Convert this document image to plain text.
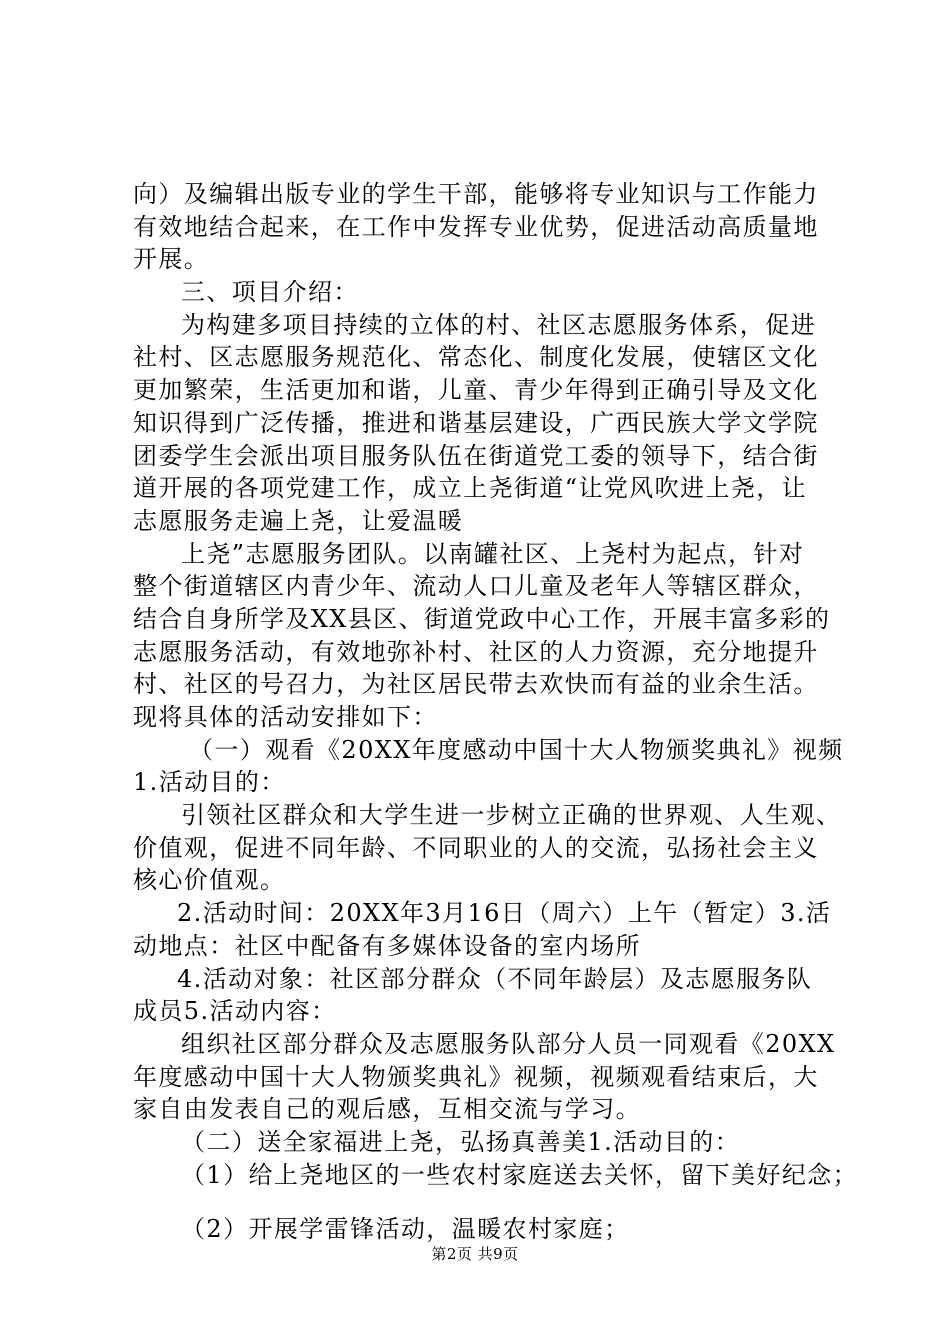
向）及编辑出版专业的学生干部，能够将专业知识与工作能力
有效地结合起来，在工作中发挥专业优势，促进活动高质量地
开展。
三、项目介绍：
为构建多项目持续的立体的村、社区志愿服务体系，促进
社村、区志愿服务规范化、常态化、制度化发展，使辖区文化
更加繁荣，生活更加和谐，儿童、青少年得到正确引导及文化
知识得到广泛传播，推进和谐基层建设，广西民族大学文学院
团委学生会派出项目服务队伍在街道党工委的领导下，结合街
道开展的各项党建工作，成立上尧街道“让党风吹进上尧，让
志愿服务走遍上尧，让爱温暖
上尧”志愿服务团队。以南罐社区、上尧村为起点，针对
整个街道辖区内青少年、流动人口儿童及老年人等辖区群众，
结合自身所学及XX县区、街道党政中心工作，开展丰富多彩的
志愿服务活动，有效地弥补村、社区的人力资源，充分地提升
村、社区的号召力，为社区居民带去欢快而有益的业余生活。
现将具体的活动安排如下：
（一）观看《20XX年度感动中国十大人物颁奖典礼》视频
1.活动目的：
引领社区群众和大学生进一步树立正确的世界观、人生观、
价值观，促进不同年龄、不同职业的人的交流，弘扬社会主义
核心价值观。
2.活动时间：20XX年3月16日（周六）上午（暂定）3.活
动地点：社区中配备有多媒体设备的室内场所
4.活动对象：社区部分群众（不同年龄层）及志愿服务队
成员5.活动内容：
组织社区部分群众及志愿服务队部分人员一同观看《20XX
年度感动中国十大人物颁奖典礼》视频，视频观看结束后，大
家自由发表自己的观后感，互相交流与学习。
（二）送全家福进上尧，弘扬真善美1.活动目的：
（1）给上尧地区的一些农村家庭送去关怀，留下美好纪念；
（2）开展学雷锋活动，温暖农村家庭；
第2页 共9页
